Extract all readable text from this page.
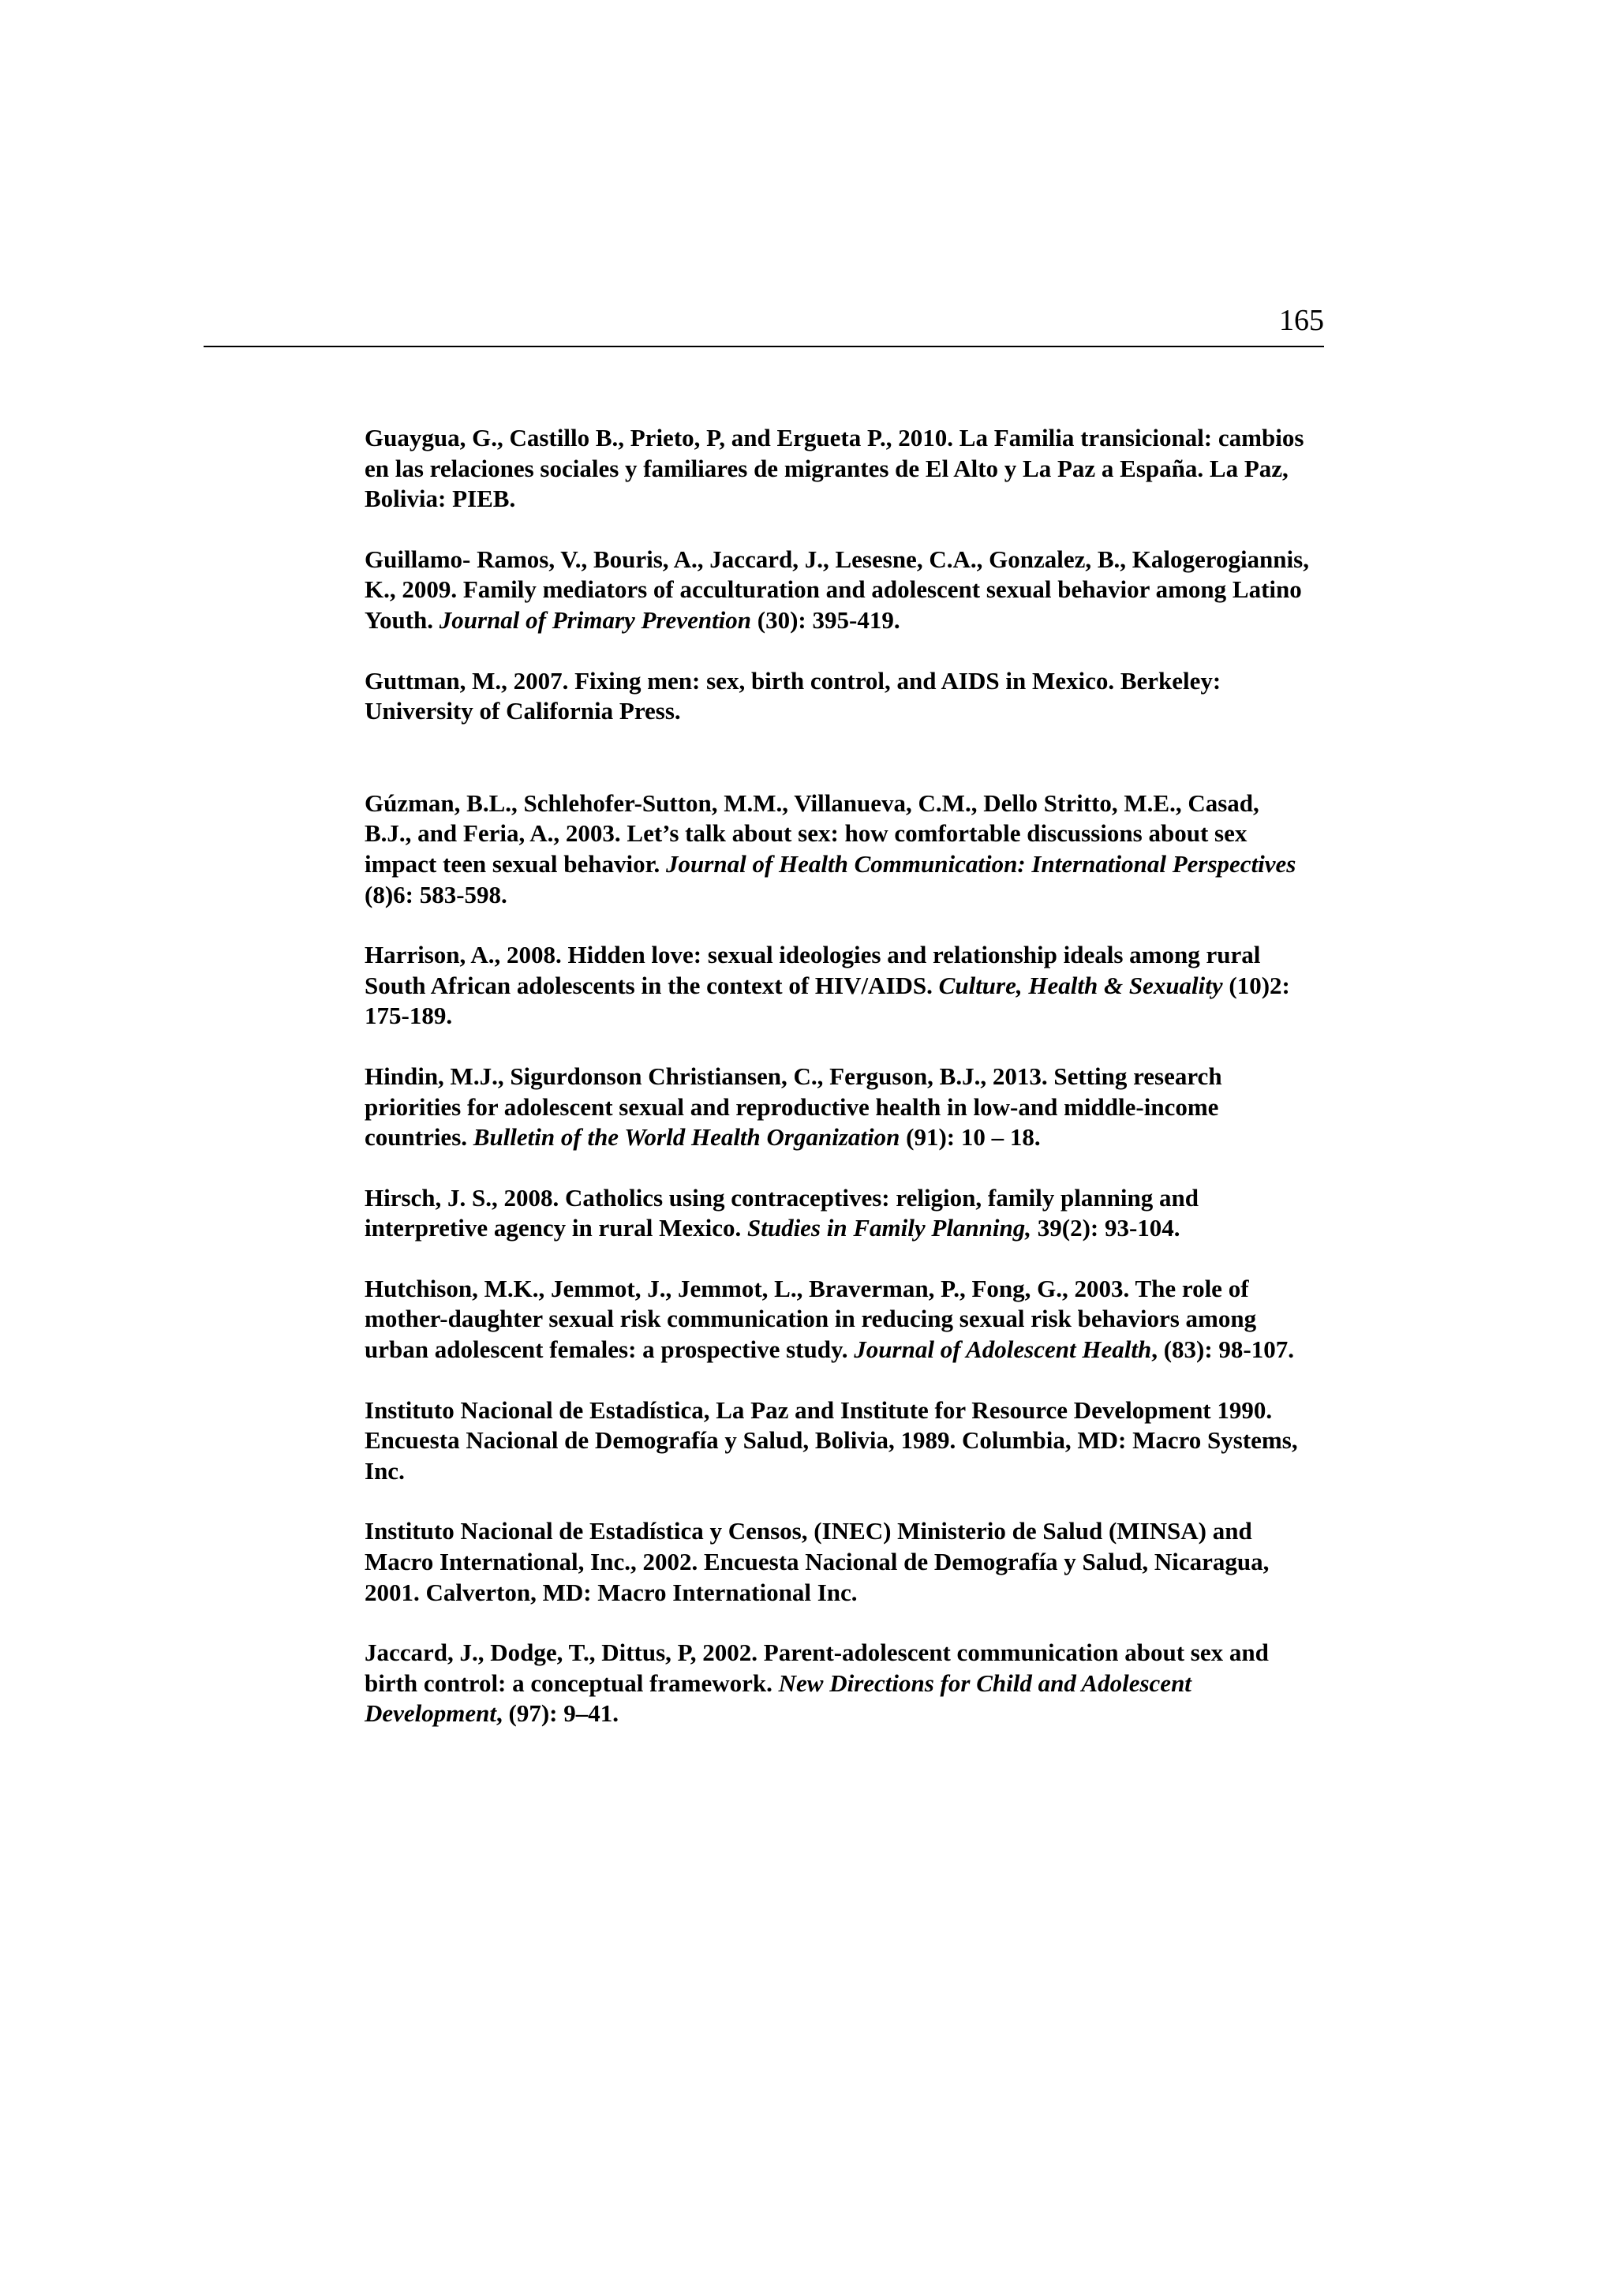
165
Guaygua, G., Castillo B., Prieto, P, and Ergueta P., 2010. La Familia transicional: cambios en las relaciones sociales y familiares de migrantes de El Alto y La Paz a España. La Paz, Bolivia: PIEB.
Guillamo- Ramos, V., Bouris, A., Jaccard, J., Lesesne, C.A., Gonzalez, B., Kalogerogiannis, K., 2009. Family mediators of acculturation and adolescent sexual behavior among Latino Youth. Journal of Primary Prevention (30): 395-419.
Guttman, M., 2007. Fixing men: sex, birth control, and AIDS in Mexico. Berkeley: University of California Press.
Gúzman, B.L., Schlehofer-Sutton, M.M., Villanueva, C.M., Dello Stritto, M.E., Casad, B.J., and Feria, A., 2003. Let’s talk about sex: how comfortable discussions about sex impact teen sexual behavior. Journal of Health Communication: International Perspectives (8)6: 583-598.
Harrison, A., 2008. Hidden love: sexual ideologies and relationship ideals among rural South African adolescents in the context of HIV/AIDS. Culture, Health & Sexuality (10)2: 175-189.
Hindin, M.J., Sigurdonson Christiansen, C., Ferguson, B.J., 2013. Setting research priorities for adolescent sexual and reproductive health in low-and middle-income countries. Bulletin of the World Health Organization (91): 10 – 18.
Hirsch, J. S., 2008. Catholics using contraceptives: religion, family planning and interpretive agency in rural Mexico. Studies in Family Planning, 39(2): 93-104.
Hutchison, M.K., Jemmot, J., Jemmot, L., Braverman, P., Fong, G., 2003. The role of mother-daughter sexual risk communication in reducing sexual risk behaviors among urban adolescent females: a prospective study. Journal of Adolescent Health, (83): 98-107.
Instituto Nacional de Estadística, La Paz and Institute for Resource Development 1990. Encuesta Nacional de Demografía y Salud, Bolivia, 1989. Columbia, MD: Macro Systems, Inc.
Instituto Nacional de Estadística y Censos, (INEC) Ministerio de Salud (MINSA) and Macro International, Inc., 2002. Encuesta Nacional de Demografía y Salud, Nicaragua, 2001. Calverton, MD: Macro International Inc.
Jaccard, J., Dodge, T., Dittus, P, 2002. Parent-adolescent communication about sex and birth control: a conceptual framework. New Directions for Child and Adolescent Development, (97): 9–41.
